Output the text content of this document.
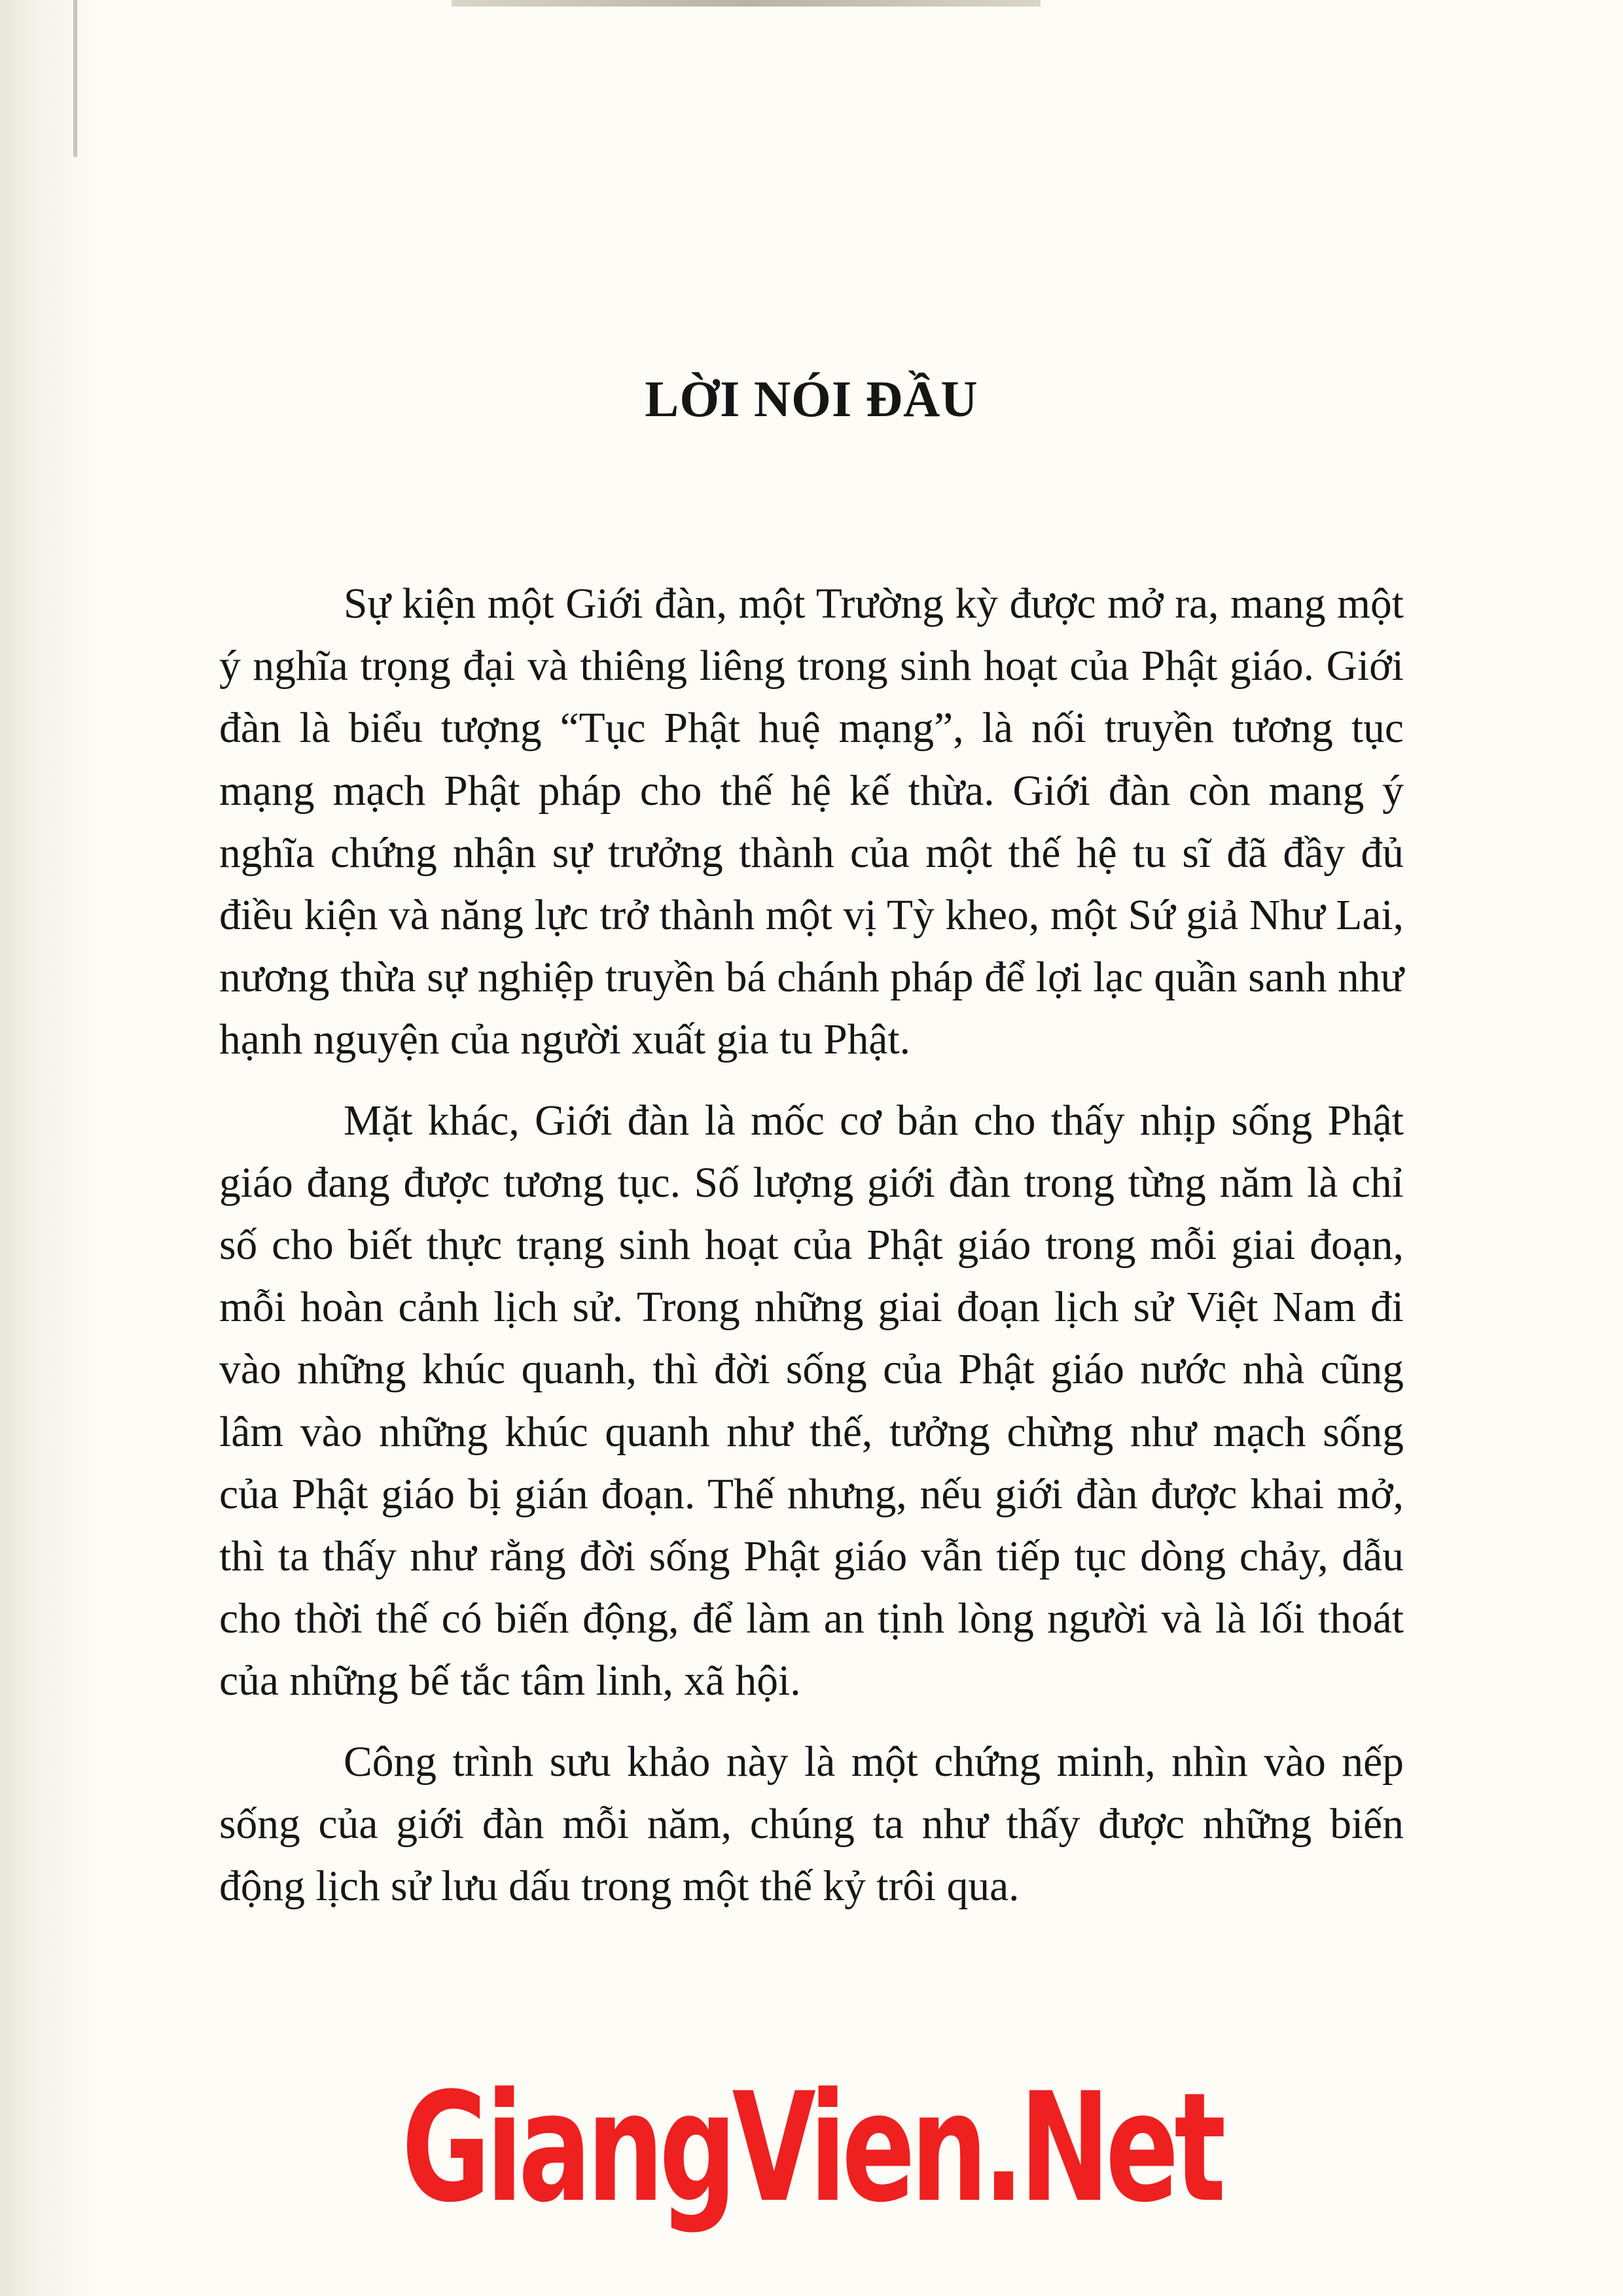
LỜI NÓI ĐẦU

Sự kiện một Giới đàn, một Trường kỳ được mở ra, mang một ý nghĩa trọng đại và thiêng liêng trong sinh hoạt của Phật giáo. Giới đàn là biểu tượng “Tục Phật huệ mạng”, là nối truyền tương tục mạng mạch Phật pháp cho thế hệ kế thừa. Giới đàn còn mang ý nghĩa chứng nhận sự trưởng thành của một thế hệ tu sĩ đã đầy đủ điều kiện và năng lực trở thành một vị Tỳ kheo, một Sứ giả Như Lai, nương thừa sự nghiệp truyền bá chánh pháp để lợi lạc quần sanh như hạnh nguyện của người xuất gia tu Phật.

Mặt khác, Giới đàn là mốc cơ bản cho thấy nhịp sống Phật giáo đang được tương tục. Số lượng giới đàn trong từng năm là chỉ số cho biết thực trạng sinh hoạt của Phật giáo trong mỗi giai đoạn, mỗi hoàn cảnh lịch sử. Trong những giai đoạn lịch sử Việt Nam đi vào những khúc quanh, thì đời sống của Phật giáo nước nhà cũng lâm vào những khúc quanh như thế, tưởng chừng như mạch sống của Phật giáo bị gián đoạn. Thế nhưng, nếu giới đàn được khai mở, thì ta thấy như rằng đời sống Phật giáo vẫn tiếp tục dòng chảy, dẫu cho thời thế có biến động, để làm an tịnh lòng người và là lối thoát của những bế tắc tâm linh, xã hội.

Công trình sưu khảo này là một chứng minh, nhìn vào nếp sống của giới đàn mỗi năm, chúng ta như thấy được những biến động lịch sử lưu dấu trong một thế kỷ trôi qua.

GiangVien.Net
